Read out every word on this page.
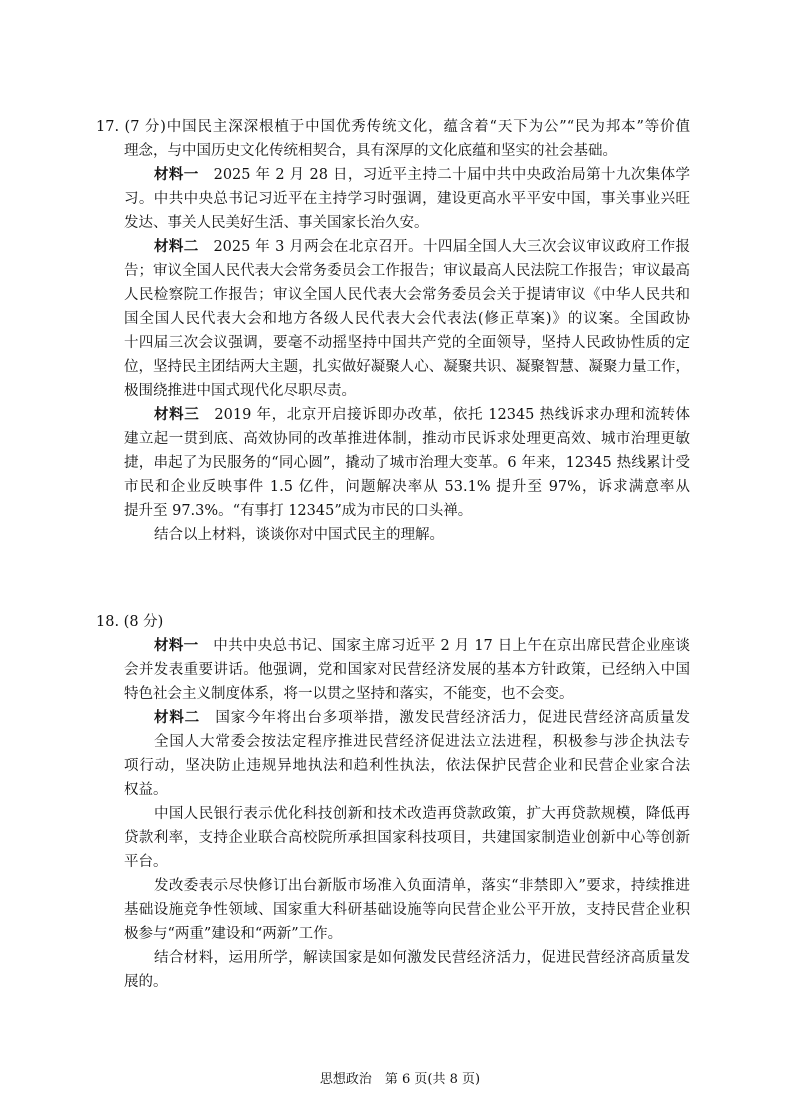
17. (7 分)中国民主深深根植于中国优秀传统文化，蕴含着“天下为公”“民为邦本”等价值
理念，与中国历史文化传统相契合，具有深厚的文化底蕴和坚实的社会基础。
材料一　 2025 年 2 月 28 日，习近平主持二十届中共中央政治局第十九次集体学
习。中共中央总书记习近平在主持学习时强调，建设更高水平平安中国，事关事业兴旺
发达、事关人民美好生活、事关国家长治久安。
材料二　 2025 年 3 月两会在北京召开。十四届全国人大三次会议审议政府工作报
告；审议全国人民代表大会常务委员会工作报告；审议最高人民法院工作报告；审议最高
人民检察院工作报告；审议全国人民代表大会常务委员会关于提请审议《中华人民共和
国全国人民代表大会和地方各级人民代表大会代表法(修正草案)》的议案。全国政协
十四届三次会议强调，要毫不动摇坚持中国共产党的全面领导，坚持人民政协性质的定
位，坚持民主团结两大主题，扎实做好凝聚人心、凝聚共识、凝聚智慧、凝聚力量工作，
极围绕推进中国式现代化尽职尽责。
材料三　 2019 年，北京开启接诉即办改革，依托 12345 热线诉求办理和流转体
建立起一贯到底、高效协同的改革推进体制，推动市民诉求处理更高效、城市治理更敏
捷，串起了为民服务的“同心圆”，撬动了城市治理大变革。6 年来，12345 热线累计受
市民和企业反映事件 1.5 亿件，问题解决率从 53.1% 提升至 97%，诉求满意率从
提升至 97.3%。“有事打 12345”成为市民的口头禅。
结合以上材料，谈谈你对中国式民主的理解。
18. (8 分)
材料一　 中共中央总书记、国家主席习近平 2 月 17 日上午在京出席民营企业座谈
会并发表重要讲话。他强调，党和国家对民营经济发展的基本方针政策，已经纳入中国
特色社会主义制度体系，将一以贯之坚持和落实，不能变，也不会变。
材料二　 国家今年将出台多项举措，激发民营经济活力，促进民营经济高质量发
全国人大常委会按法定程序推进民营经济促进法立法进程，积极参与涉企执法专
项行动，坚决防止违规异地执法和趋利性执法，依法保护民营企业和民营企业家合法
权益。
中国人民银行表示优化科技创新和技术改造再贷款政策，扩大再贷款规模，降低再
贷款利率，支持企业联合高校院所承担国家科技项目，共建国家制造业创新中心等创新
平台。
发改委表示尽快修订出台新版市场准入负面清单，落实“非禁即入”要求，持续推进
基础设施竞争性领域、国家重大科研基础设施等向民营企业公平开放，支持民营企业积
极参与“两重”建设和“两新”工作。
结合材料，运用所学，解读国家是如何激发民营经济活力，促进民营经济高质量发
展的。
思想政治　第 6 页(共 8 页)
